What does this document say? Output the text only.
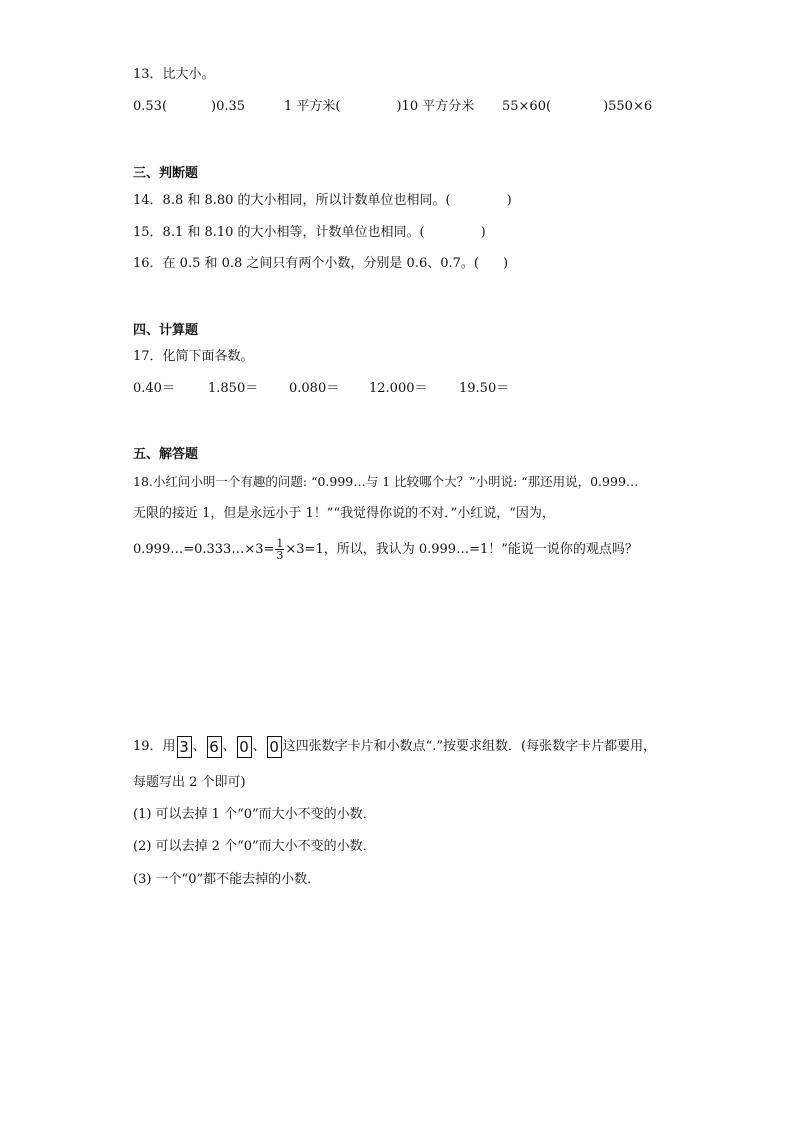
13．比大小。
0.53(	)0.35	1 平方米(	)10 平方分米 55×60(	)550×6
三、判断题
14．8.8 和 8.80 的大小相同，所以计数单位也相同。(	)
15．8.1 和 8.10 的大小相等，计数单位也相同。(	)
16．在 0.5 和 0.8 之间只有两个小数，分别是 0.6、0.7。( )
四、计算题
17．化简下面各数。
0.40＝	1.850＝ 0.080＝ 12.000＝ 19.50＝
五、解答题
18.小红问小明一个有趣的问题: “0.999…与 1 比较哪个大？”小明说: “那还用说，0.999…
无限的接近 1，但是永远小于 1！”“我觉得你说的不对．”小红说，“因为，
0.999…=0.333…×3= $\frac{1}{3} \times 3=1$，所以，我认为 0.999…=1！”能说一说你的观点吗？
19．用 3 、 6 、 0 、 0 这四张数字卡片和小数点“.”按要求组数．(每张数字卡片都要用，
每题写出 2 个即可)
(1) 可以去掉 1 个“0”而大小不变的小数．
(2) 可以去掉 2 个“0”而大小不变的小数．
(3) 一个“0”都不能去掉的小数．
